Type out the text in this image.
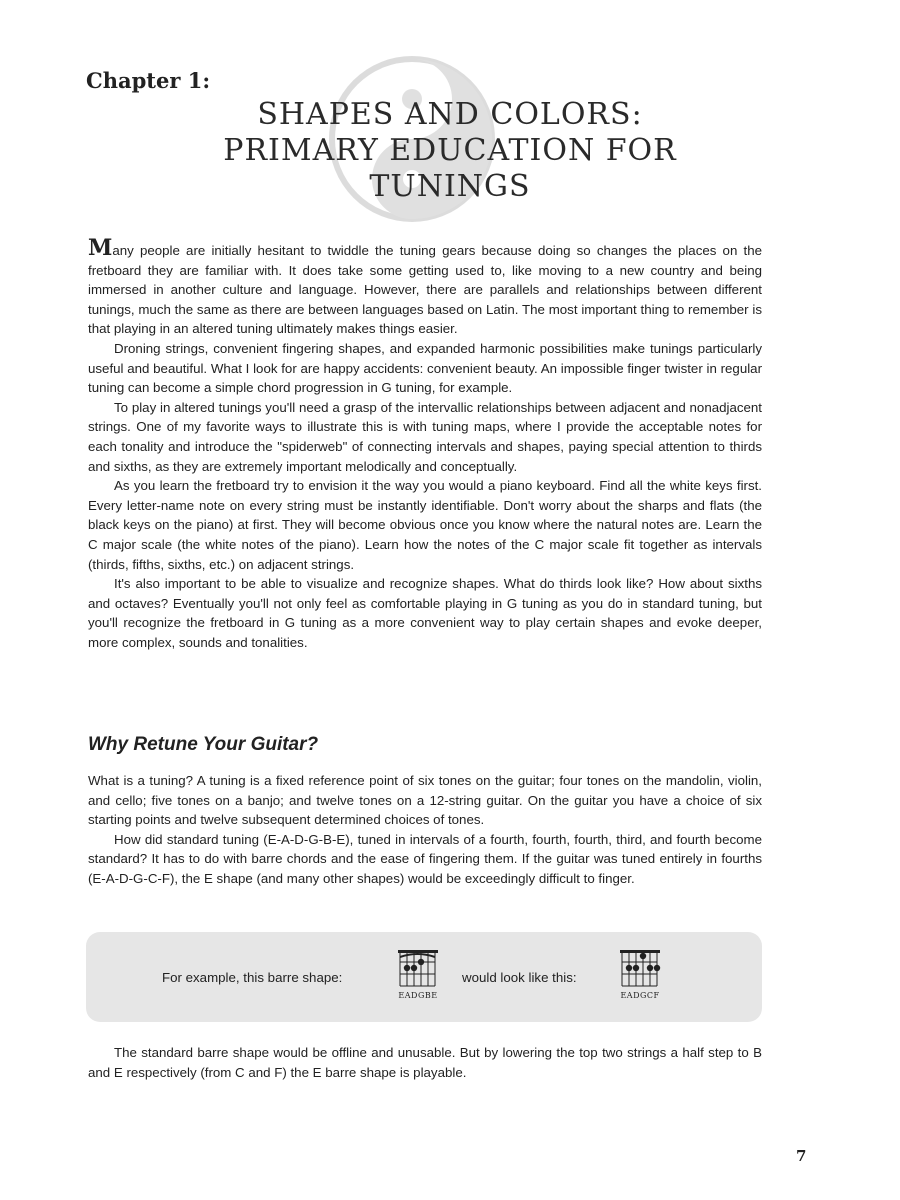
Chapter 1:
SHAPES AND COLORS:
PRIMARY EDUCATION FOR
TUNINGS

Many people are initially hesitant to twiddle the tuning gears because doing so changes the places on the fretboard they are familiar with. It does take some getting used to, like moving to a new country and being immersed in another culture and language. However, there are parallels and relationships between different tunings, much the same as there are between languages based on Latin. The most important thing to remember is that playing in an altered tuning ultimately makes things easier.

Droning strings, convenient fingering shapes, and expanded harmonic possibilities make tunings particularly useful and beautiful. What I look for are happy accidents: convenient beauty. An impossible finger twister in regular tuning can become a simple chord progression in G tuning, for example.

To play in altered tunings you'll need a grasp of the intervallic relationships between adjacent and nonadjacent strings. One of my favorite ways to illustrate this is with tuning maps, where I provide the acceptable notes for each tonality and introduce the "spiderweb" of connecting intervals and shapes, paying special attention to thirds and sixths, as they are extremely important melodically and conceptually.

As you learn the fretboard try to envision it the way you would a piano keyboard. Find all the white keys first. Every letter-name note on every string must be instantly identifiable. Don't worry about the sharps and flats (the black keys on the piano) at first. They will become obvious once you know where the natural notes are. Learn the C major scale (the white notes of the piano). Learn how the notes of the C major scale fit together as intervals (thirds, fifths, sixths, etc.) on adjacent strings.

It's also important to be able to visualize and recognize shapes. What do thirds look like? How about sixths and octaves? Eventually you'll not only feel as comfortable playing in G tuning as you do in standard tuning, but you'll recognize the fretboard in G tuning as a more convenient way to play certain shapes and evoke deeper, more complex, sounds and tonalities.

Why Retune Your Guitar?

What is a tuning? A tuning is a fixed reference point of six tones on the guitar; four tones on the mandolin, violin, and cello; five tones on a banjo; and twelve tones on a 12-string guitar. On the guitar you have a choice of six starting points and twelve subsequent determined choices of tones.

How did standard tuning (E-A-D-G-B-E), tuned in intervals of a fourth, fourth, fourth, third, and fourth become standard? It has to do with barre chords and the ease of fingering them. If the guitar was tuned entirely in fourths (E-A-D-G-C-F), the E shape (and many other shapes) would be exceedingly difficult to finger.

For example, this barre shape:
EADGBE
would look like this:
EADGCF

The standard barre shape would be offline and unusable. But by lowering the top two strings a half step to B and E respectively (from C and F) the E barre shape is playable.

7
